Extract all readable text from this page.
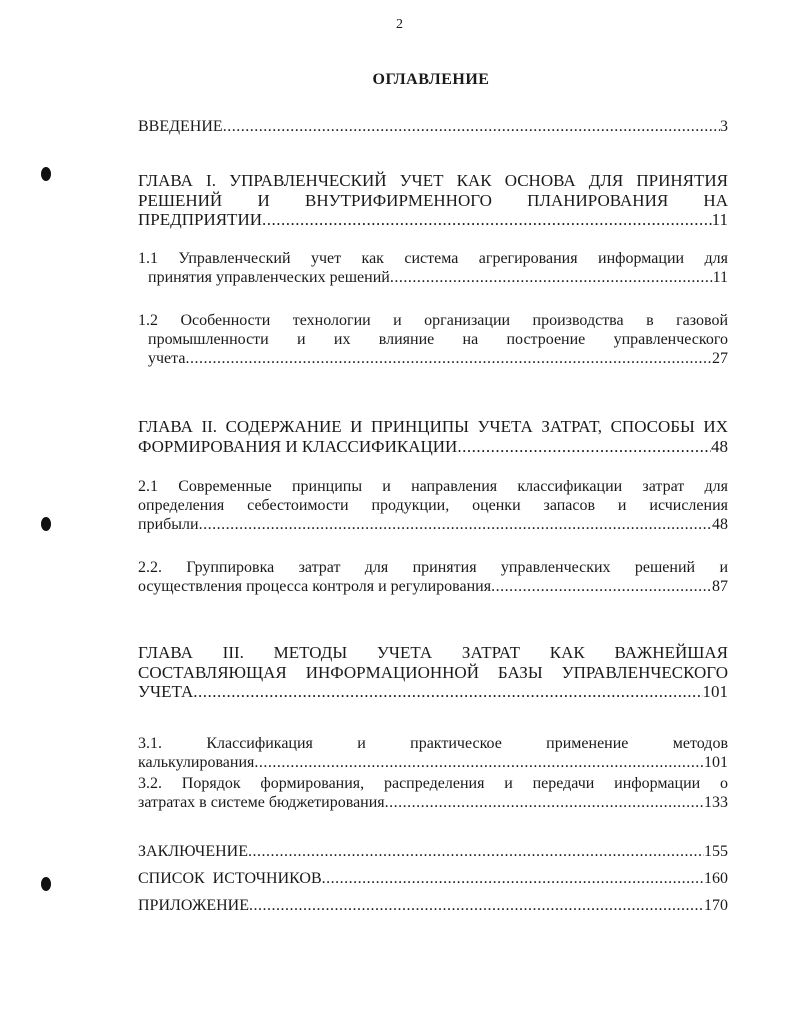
2
ОГЛАВЛЕНИЕ
ВВЕДЕНИЕ .....	3
ГЛАВА I. УПРАВЛЕНЧЕСКИЙ УЧЕТ КАК ОСНОВА ДЛЯ ПРИНЯТИЯ
РЕШЕНИЙ И ВНУТРИФИРМЕННОГО ПЛАНИРОВАНИЯ НА
ПРЕДПРИЯТИИ .....	11
1.1 Управленческий учет как система агрегирования информации для
принятия управленческих решений .....	11
1.2 Особенности технологии и организации производства в газовой
промышленности и их влияние на построение управленческого
учета .....	27
ГЛАВА II. СОДЕРЖАНИЕ И ПРИНЦИПЫ УЧЕТА ЗАТРАТ, СПОСОБЫ ИХ
ФОРМИРОВАНИЯ И КЛАССИФИКАЦИИ .....	48
2.1 Современные принципы и направления классификации затрат для
определения себестоимости продукции, оценки запасов и исчисления
прибыли .....	48
2.2. Группировка затрат для принятия управленческих решений и
осуществления процесса контроля и регулирования .....	87
ГЛАВА III. МЕТОДЫ УЧЕТА ЗАТРАТ КАК ВАЖНЕЙШАЯ
СОСТАВЛЯЮЩАЯ ИНФОРМАЦИОННОЙ БАЗЫ УПРАВЛЕНЧЕСКОГО
УЧЕТА .....	101
3.1. Классификация и практическое применение методов
калькулирования .....	101
3.2. Порядок формирования, распределения и передачи информации о
затратах в системе бюджетирования .....	133
ЗАКЛЮЧЕНИЕ .....	155
СПИСОК ИСТОЧНИКОВ .....	160
ПРИЛОЖЕНИЕ .....	170
